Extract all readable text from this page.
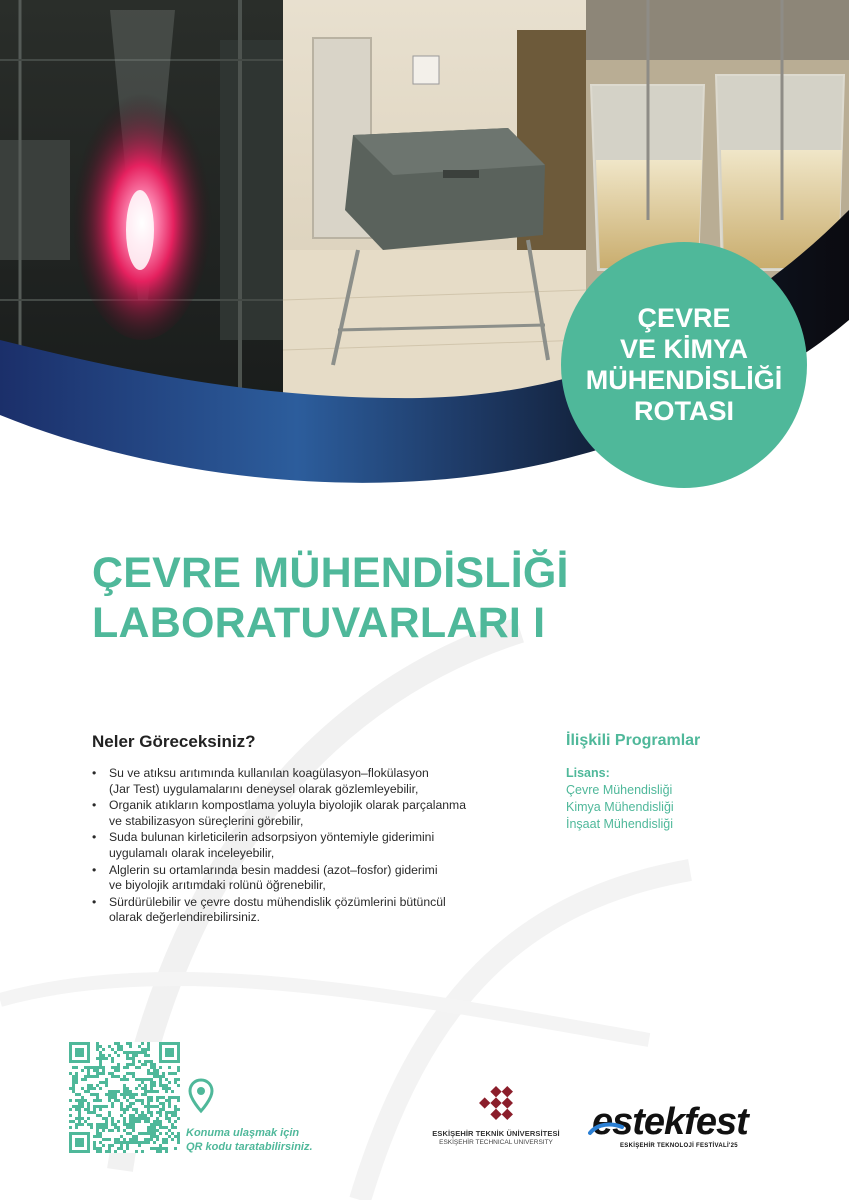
ÇEVRE
VE KİMYA
MÜHENDİSLİĞİ
ROTASI
ÇEVRE MÜHENDİSLİĞİ
LABORATUVARLARI I
Neler Göreceksiniz?
• Su ve atıksu arıtımında kullanılan koagülasyon–flokülasyon
(Jar Test) uygulamalarını deneysel olarak gözlemleyebilir,
• Organik atıkların kompostlama yoluyla biyolojik olarak parçalanma
ve stabilizasyon süreçlerini görebilir,
• Suda bulunan kirleticilerin adsorpsiyon yöntemiyle giderimini
uygulamalı olarak inceleyebilir,
• Alglerin su ortamlarında besin maddesi (azot–fosfor) giderimi
ve biyolojik arıtımdaki rolünü öğrenebilir,
• Sürdürülebilir ve çevre dostu mühendislik çözümlerini bütüncül
olarak değerlendirebilirsiniz.
İlişkili Programlar
Lisans:
Çevre Mühendisliği
Kimya Mühendisliği
İnşaat Mühendisliği
Konuma ulaşmak için
QR kodu taratabilirsiniz.
ESKİŞEHİR TEKNİK ÜNİVERSİTESİ
ESKİŞEHİR TECHNICAL UNIVERSITY	estekfest
ESKİŞEHİR TEKNOLOJİ FESTİVALİ'25
